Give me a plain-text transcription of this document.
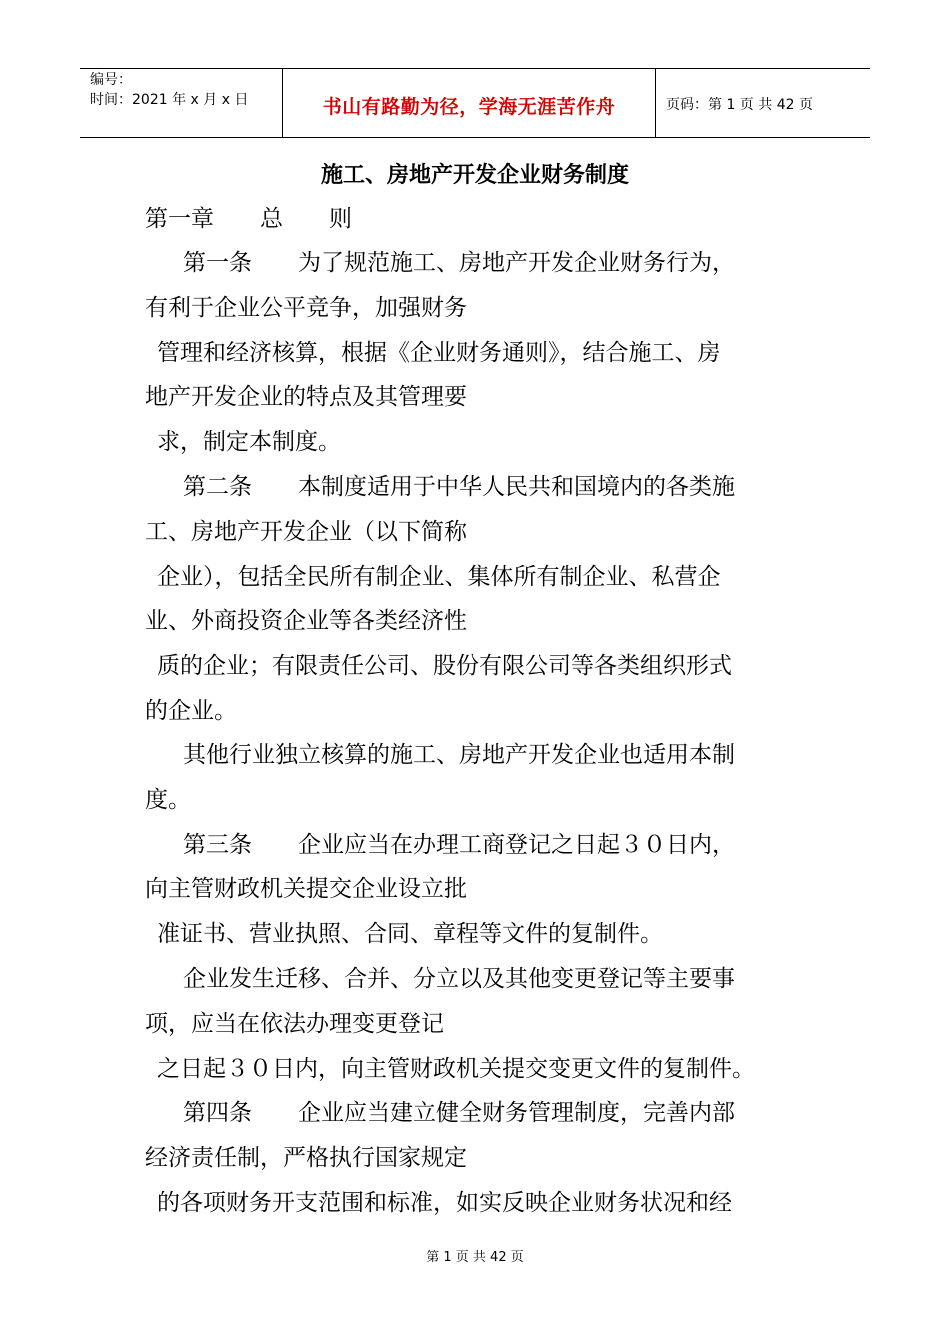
编号：
时间：2021 年 x 月 x 日	书山有路勤为径，学海无涯苦作舟	页码：第 1 页 共 42 页
施工、房地产开发企业财务制度
第一章　　总　　则
第一条　　为了规范施工、房地产开发企业财务行为，
有利于企业公平竞争，加强财务
管理和经济核算，根据《企业财务通则》，结合施工、房
地产开发企业的特点及其管理要
求，制定本制度。
第二条　　本制度适用于中华人民共和国境内的各类施
工、房地产开发企业（以下简称
企业），包括全民所有制企业、集体所有制企业、私营企
业、外商投资企业等各类经济性
质的企业；有限责任公司、股份有限公司等各类组织形式
的企业。
其他行业独立核算的施工、房地产开发企业也适用本制
度。
第三条　　企业应当在办理工商登记之日起３０日内，
向主管财政机关提交企业设立批
准证书、营业执照、合同、章程等文件的复制件。
企业发生迁移、合并、分立以及其他变更登记等主要事
项，应当在依法办理变更登记
之日起３０日内，向主管财政机关提交变更文件的复制件。
第四条　　企业应当建立健全财务管理制度，完善内部
经济责任制，严格执行国家规定
的各项财务开支范围和标准，如实反映企业财务状况和经
第 1 页 共 42 页
